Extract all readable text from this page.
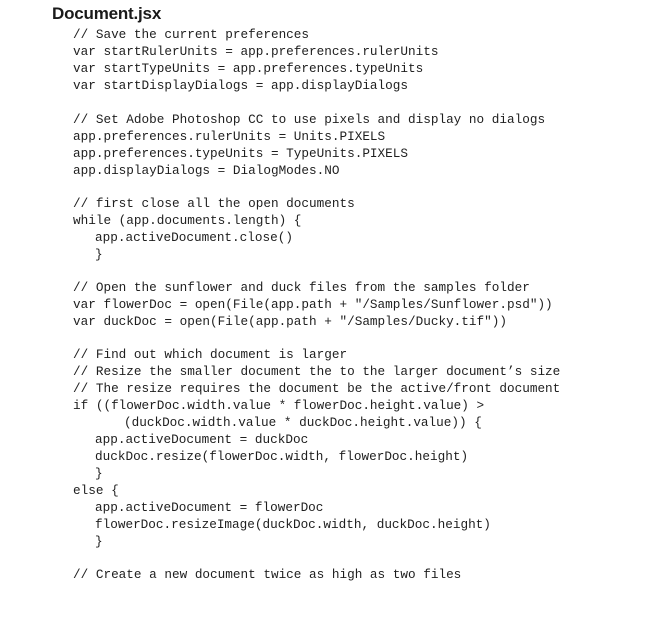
Document.jsx
// Save the current preferences
var startRulerUnits = app.preferences.rulerUnits
var startTypeUnits = app.preferences.typeUnits
var startDisplayDialogs = app.displayDialogs
// Set Adobe Photoshop CC to use pixels and display no dialogs
app.preferences.rulerUnits = Units.PIXELS
app.preferences.typeUnits = TypeUnits.PIXELS
app.displayDialogs = DialogModes.NO
// first close all the open documents
while (app.documents.length) {
app.activeDocument.close()
}
// Open the sunflower and duck files from the samples folder
var flowerDoc = open(File(app.path + "/Samples/Sunflower.psd"))
var duckDoc = open(File(app.path + "/Samples/Ducky.tif"))
// Find out which document is larger
// Resize the smaller document the to the larger document’s size
// The resize requires the document be the active/front document
if ((flowerDoc.width.value * flowerDoc.height.value) >
(duckDoc.width.value * duckDoc.height.value)) {
app.activeDocument = duckDoc
duckDoc.resize(flowerDoc.width, flowerDoc.height)
}
else {
app.activeDocument = flowerDoc
flowerDoc.resizeImage(duckDoc.width, duckDoc.height)
}
// Create a new document twice as high as two files
